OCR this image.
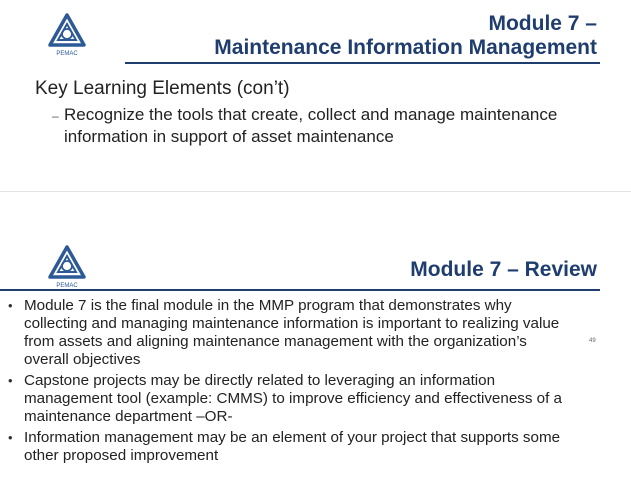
PEMAC
Module 7 –
Maintenance Information Management
Key Learning Elements (con’t)
– Recognize the tools that create, collect and manage maintenance information in support of asset maintenance
PEMAC
Module 7 – Review
• Module 7 is the final module in the MMP program that demonstrates why collecting and managing maintenance information is important to realizing value from assets and aligning maintenance management with the organization’s overall objectives
• Capstone projects may be directly related to leveraging an information management tool (example: CMMS) to improve efficiency and effectiveness of a maintenance department –OR-
• Information management may be an element of your project that supports some other proposed improvement
49
